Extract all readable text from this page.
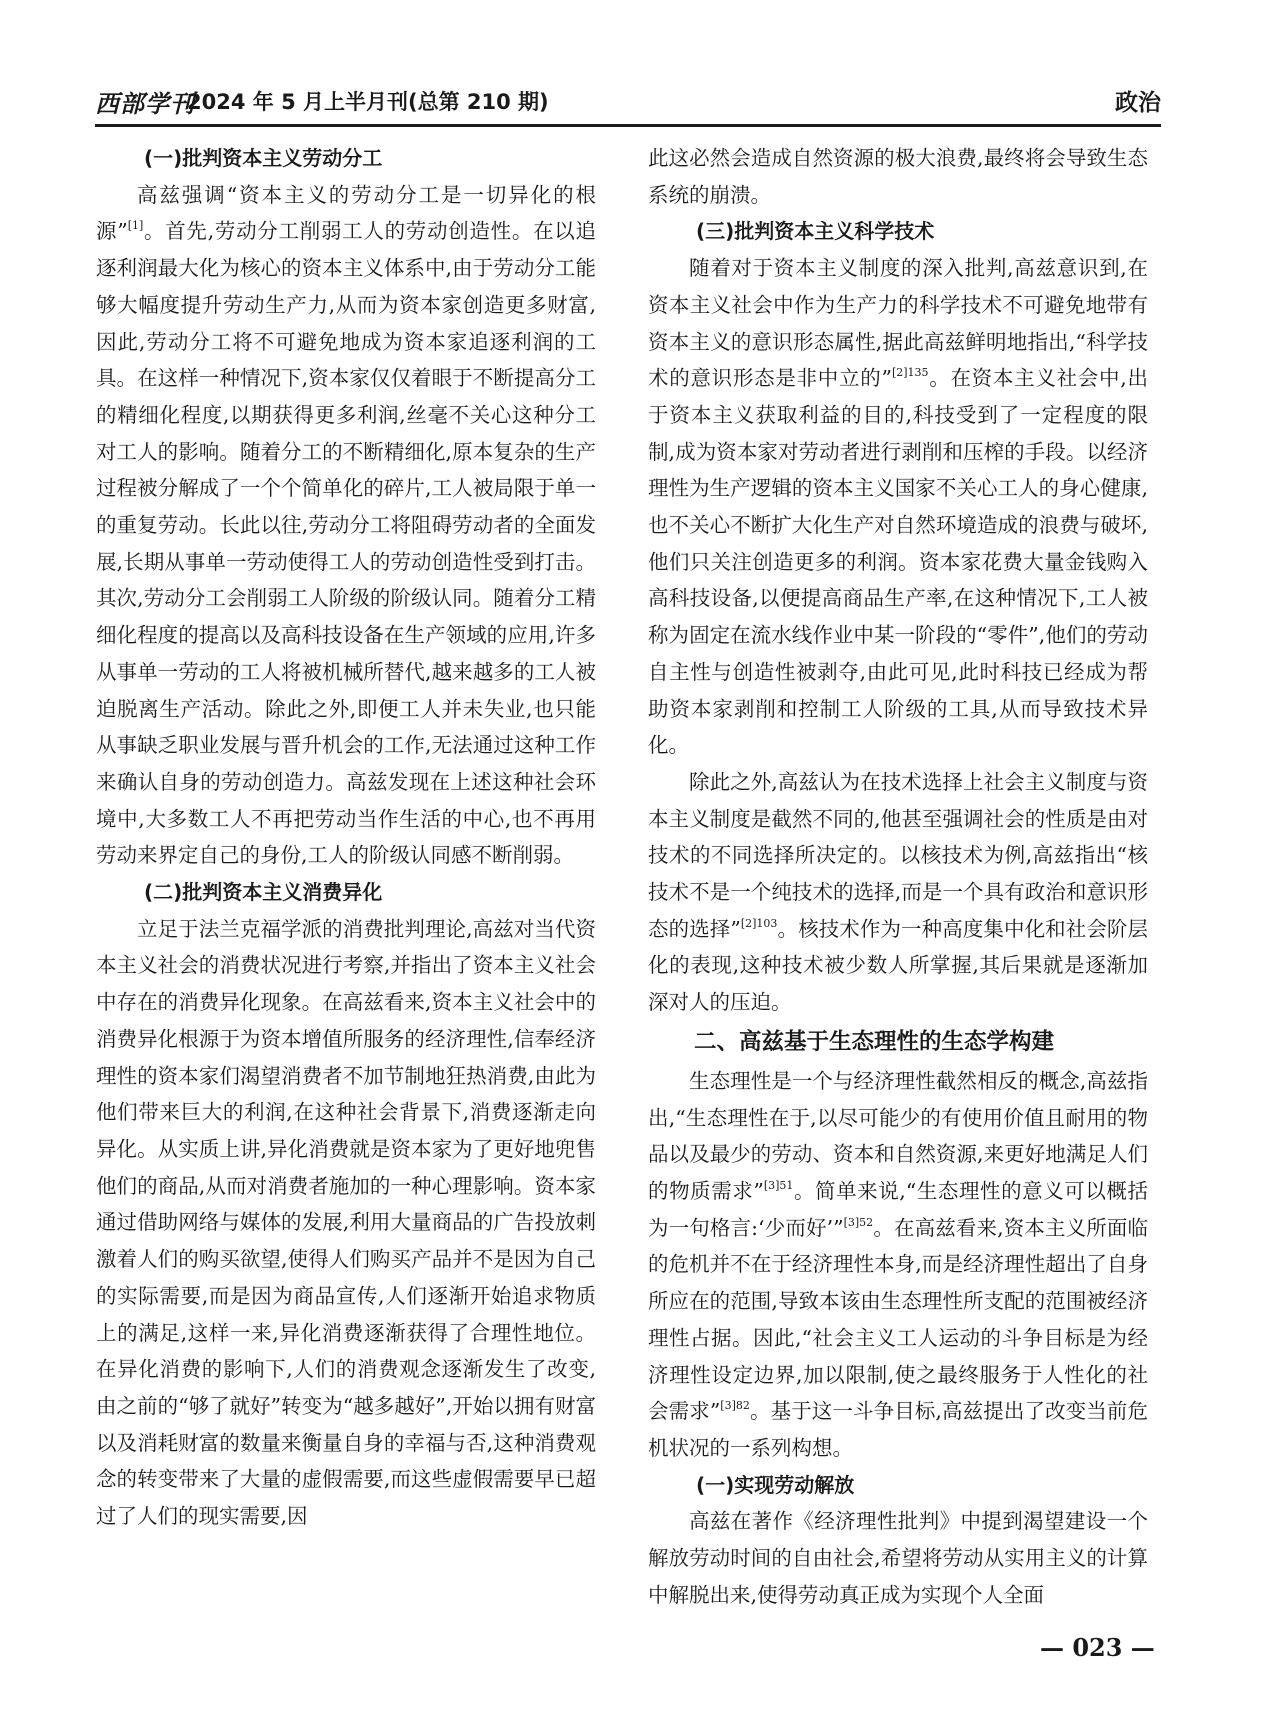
西部学刊
2024 年 5 月上半月刊(总第 210 期)	政治
(一)批判资本主义劳动分工

高兹强调“资本主义的劳动分工是一切异化的根源”[1]。首先,劳动分工削弱工人的劳动创造性。在以追逐利润最大化为核心的资本主义体系中,由于劳动分工能够大幅度提升劳动生产力,从而为资本家创造更多财富,因此,劳动分工将不可避免地成为资本家追逐利润的工具。在这样一种情况下,资本家仅仅着眼于不断提高分工的精细化程度,以期获得更多利润,丝毫不关心这种分工对工人的影响。随着分工的不断精细化,原本复杂的生产过程被分解成了一个个简单化的碎片,工人被局限于单一的重复劳动。长此以往,劳动分工将阻碍劳动者的全面发展,长期从事单一劳动使得工人的劳动创造性受到打击。其次,劳动分工会削弱工人阶级的阶级认同。随着分工精细化程度的提高以及高科技设备在生产领域的应用,许多从事单一劳动的工人将被机械所替代,越来越多的工人被迫脱离生产活动。除此之外,即便工人并未失业,也只能从事缺乏职业发展与晋升机会的工作,无法通过这种工作来确认自身的劳动创造力。高兹发现在上述这种社会环境中,大多数工人不再把劳动当作生活的中心,也不再用劳动来界定自己的身份,工人的阶级认同感不断削弱。

(二)批判资本主义消费异化

立足于法兰克福学派的消费批判理论,高兹对当代资本主义社会的消费状况进行考察,并指出了资本主义社会中存在的消费异化现象。在高兹看来,资本主义社会中的消费异化根源于为资本增值所服务的经济理性,信奉经济理性的资本家们渴望消费者不加节制地狂热消费,由此为他们带来巨大的利润,在这种社会背景下,消费逐渐走向异化。从实质上讲,异化消费就是资本家为了更好地兜售他们的商品,从而对消费者施加的一种心理影响。资本家通过借助网络与媒体的发展,利用大量商品的广告投放刺激着人们的购买欲望,使得人们购买产品并不是因为自己的实际需要,而是因为商品宣传,人们逐渐开始追求物质上的满足,这样一来,异化消费逐渐获得了合理性地位。在异化消费的影响下,人们的消费观念逐渐发生了改变,由之前的“够了就好”转变为“越多越好”,开始以拥有财富以及消耗财富的数量来衡量自身的幸福与否,这种消费观念的转变带来了大量的虚假需要,而这些虚假需要早已超过了人们的现实需要,因

此这必然会造成自然资源的极大浪费,最终将会导致生态系统的崩溃。

(三)批判资本主义科学技术

随着对于资本主义制度的深入批判,高兹意识到,在资本主义社会中作为生产力的科学技术不可避免地带有资本主义的意识形态属性,据此高兹鲜明地指出,“科学技术的意识形态是非中立的”$^{[2]135}$。在资本主义社会中,出于资本主义获取利益的目的,科技受到了一定程度的限制,成为资本家对劳动者进行剥削和压榨的手段。以经济理性为生产逻辑的资本主义国家不关心工人的身心健康,也不关心不断扩大化生产对自然环境造成的浪费与破坏,他们只关注创造更多的利润。资本家花费大量金钱购入高科技设备,以便提高商品生产率,在这种情况下,工人被称为固定在流水线作业中某一阶段的“零件”,他们的劳动自主性与创造性被剥夺,由此可见,此时科技已经成为帮助资本家剥削和控制工人阶级的工具,从而导致技术异化。

除此之外,高兹认为在技术选择上社会主义制度与资本主义制度是截然不同的,他甚至强调社会的性质是由对技术的不同选择所决定的。以核技术为例,高兹指出“核技术不是一个纯技术的选择,而是一个具有政治和意识形态的选择”$^{[2]103}$。核技术作为一种高度集中化和社会阶层化的表现,这种技术被少数人所掌握,其后果就是逐渐加深对人的压迫。

二、高兹基于生态理性的生态学构建

生态理性是一个与经济理性截然相反的概念,高兹指出,“生态理性在于,以尽可能少的有使用价值且耐用的物品以及最少的劳动、资本和自然资源,来更好地满足人们的物质需求”$^{[3]51}$。简单来说,“生态理性的意义可以概括为一句格言:‘少而好’”$^{[3]52}$。在高兹看来,资本主义所面临的危机并不在于经济理性本身,而是经济理性超出了自身所应在的范围,导致本该由生态理性所支配的范围被经济理性占据。因此,“社会主义工人运动的斗争目标是为经济理性设定边界,加以限制,使之最终服务于人性化的社会需求”$^{[3]82}$。基于这一斗争目标,高兹提出了改变当前危机状况的一系列构想。

(一)实现劳动解放

高兹在著作《经济理性批判》中提到渴望建设一个解放劳动时间的自由社会,希望将劳动从实用主义的计算中解脱出来,使得劳动真正成为实现个人全面

— 023 —
